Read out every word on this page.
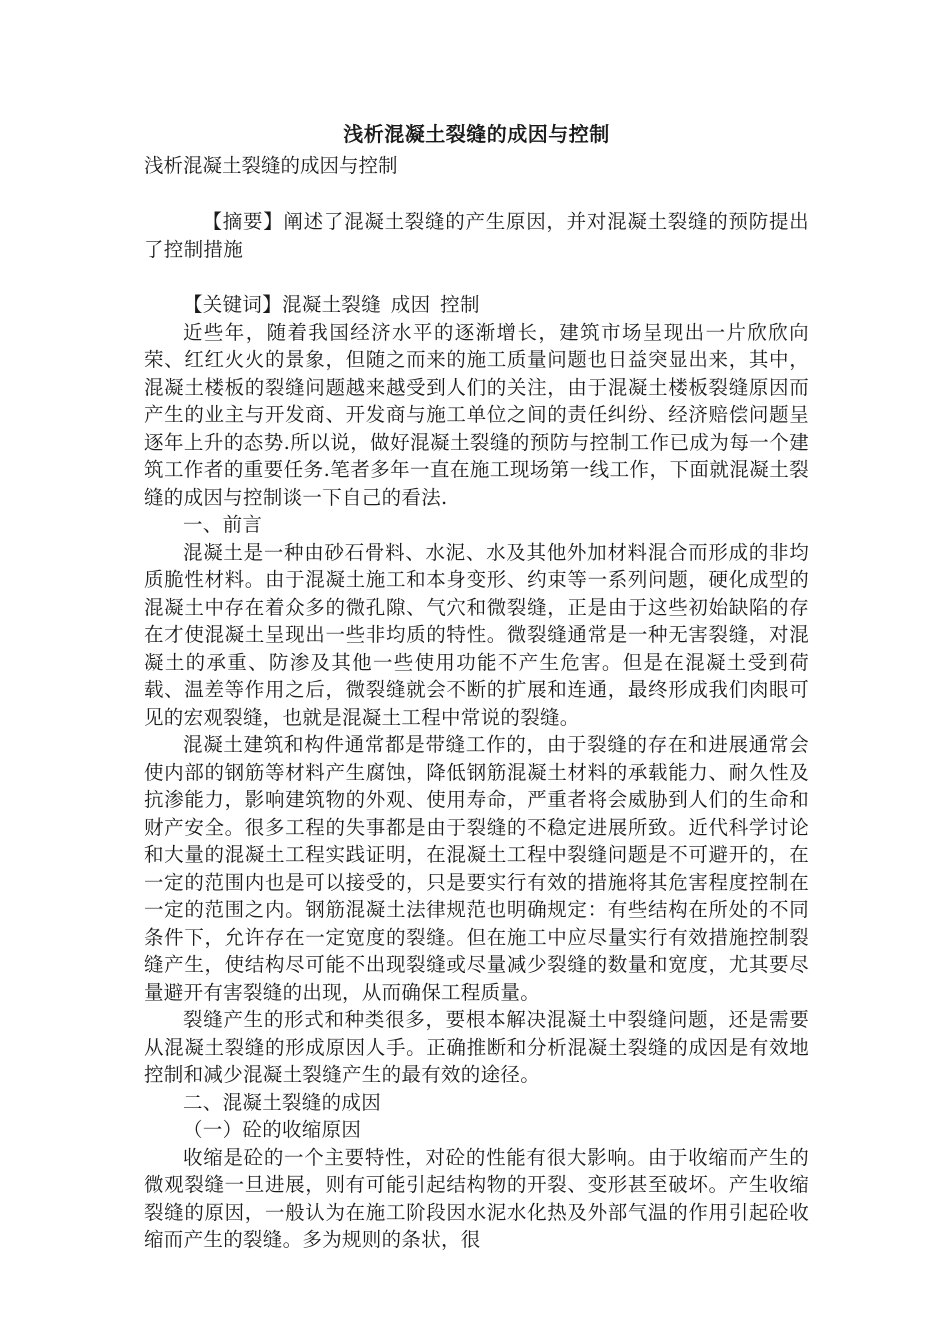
浅析混凝土裂缝的成因与控制

浅析混凝土裂缝的成因与控制

【摘要】阐述了混凝土裂缝的产生原因，并对混凝土裂缝的预防提出了控制措施

【关键词】混凝土裂缝 成因 控制

近些年，随着我国经济水平的逐渐增长，建筑市场呈现出一片欣欣向荣、红红火火的景象，但随之而来的施工质量问题也日益突显出来，其中，混凝土楼板的裂缝问题越来越受到人们的关注，由于混凝土楼板裂缝原因而产生的业主与开发商、开发商与施工单位之间的责任纠纷、经济赔偿问题呈逐年上升的态势.所以说，做好混凝土裂缝的预防与控制工作已成为每一个建筑工作者的重要任务.笔者多年一直在施工现场第一线工作，下面就混凝土裂缝的成因与控制谈一下自己的看法.

一、前言

混凝土是一种由砂石骨料、水泥、水及其他外加材料混合而形成的非均质脆性材料。由于混凝土施工和本身变形、约束等一系列问题，硬化成型的混凝土中存在着众多的微孔隙、气穴和微裂缝，正是由于这些初始缺陷的存在才使混凝土呈现出一些非均质的特性。微裂缝通常是一种无害裂缝，对混凝土的承重、防渗及其他一些使用功能不产生危害。但是在混凝土受到荷载、温差等作用之后，微裂缝就会不断的扩展和连通，最终形成我们肉眼可见的宏观裂缝，也就是混凝土工程中常说的裂缝。

混凝土建筑和构件通常都是带缝工作的，由于裂缝的存在和进展通常会使内部的钢筋等材料产生腐蚀，降低钢筋混凝土材料的承载能力、耐久性及抗渗能力，影响建筑物的外观、使用寿命，严重者将会威胁到人们的生命和财产安全。很多工程的失事都是由于裂缝的不稳定进展所致。近代科学讨论和大量的混凝土工程实践证明，在混凝土工程中裂缝问题是不可避开的，在一定的范围内也是可以接受的，只是要实行有效的措施将其危害程度控制在一定的范围之内。钢筋混凝土法律规范也明确规定：有些结构在所处的不同条件下，允许存在一定宽度的裂缝。但在施工中应尽量实行有效措施控制裂缝产生，使结构尽可能不出现裂缝或尽量减少裂缝的数量和宽度，尤其要尽量避开有害裂缝的出现，从而确保工程质量。

裂缝产生的形式和种类很多，要根本解决混凝土中裂缝问题，还是需要从混凝土裂缝的形成原因人手。正确推断和分析混凝土裂缝的成因是有效地控制和减少混凝土裂缝产生的最有效的途径。

二、混凝土裂缝的成因

（一）砼的收缩原因

收缩是砼的一个主要特性，对砼的性能有很大影响。由于收缩而产生的微观裂缝一旦进展，则有可能引起结构物的开裂、变形甚至破坏。产生收缩裂缝的原因，一般认为在施工阶段因水泥水化热及外部气温的作用引起砼收缩而产生的裂缝。多为规则的条状，很
